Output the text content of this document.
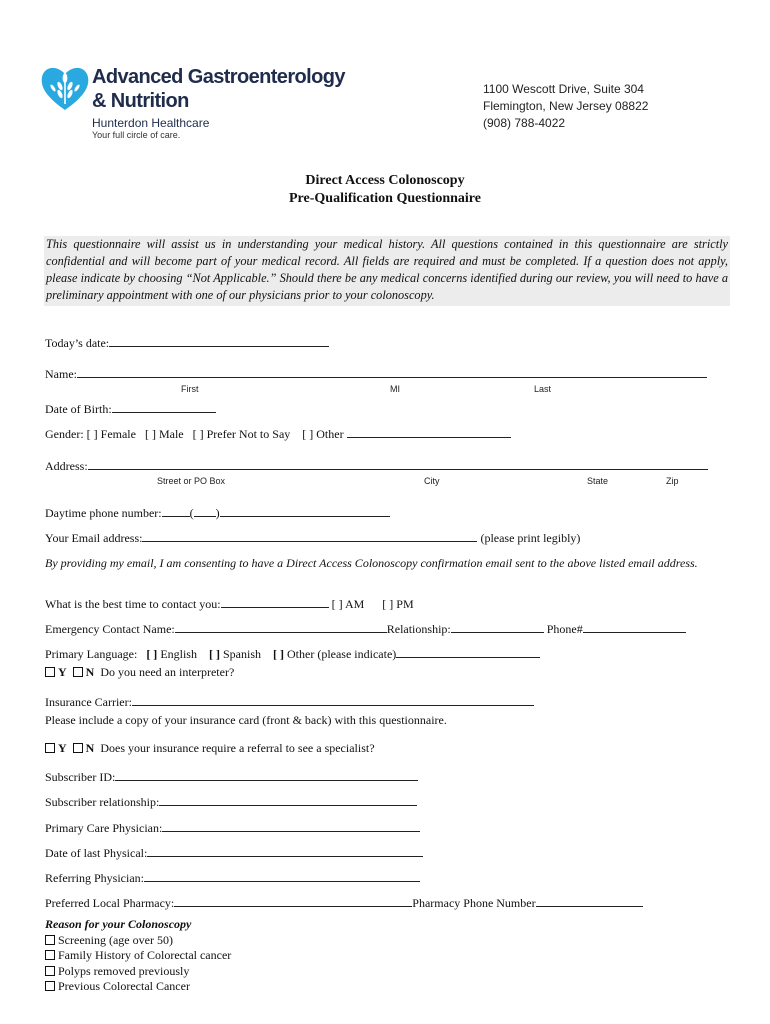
Advanced Gastroenterology
& Nutrition
Hunterdon Healthcare
Your full circle of care.
1100 Wescott Drive, Suite 304
Flemington, New Jersey 08822
(908) 788-4022
Direct Access Colonoscopy
Pre-Qualification Questionnaire
This questionnaire will assist us in understanding your medical history. All questions contained in this questionnaire are strictly confidential and will become part of your medical record. All fields are required and must be completed. If a question does not apply, please indicate by choosing “Not Applicable.” Should there be any medical concerns identified during our review, you will need to have a preliminary appointment with one of our physicians prior to your colonoscopy.
Today’s date:
Name:
First	MI	Last
Date of Birth:
Gender: [ ] Female [ ] Male [ ] Prefer Not to Say [ ] Other
Address:
Street or PO Box	City	State	Zip
Daytime phone number: ( )
Your Email address:	(please print legibly)
By providing my email, I am consenting to have a Direct Access Colonoscopy confirmation email sent to the above listed email address.
What is the best time to contact you:	[ ] AM [ ] PM
Emergency Contact Name:	Relationship:	Phone#
Primary Language: [ ] English [ ] Spanish [ ] Other (please indicate)
Y N Do you need an interpreter?
Insurance Carrier:
Please include a copy of your insurance card (front & back) with this questionnaire.
Y N Does your insurance require a referral to see a specialist?
Subscriber ID:
Subscriber relationship:
Primary Care Physician:
Date of last Physical:
Referring Physician:
Preferred Local Pharmacy:	Pharmacy Phone Number
Reason for your Colonoscopy
Screening (age over 50)
Family History of Colorectal cancer
Polyps removed previously
Previous Colorectal Cancer
